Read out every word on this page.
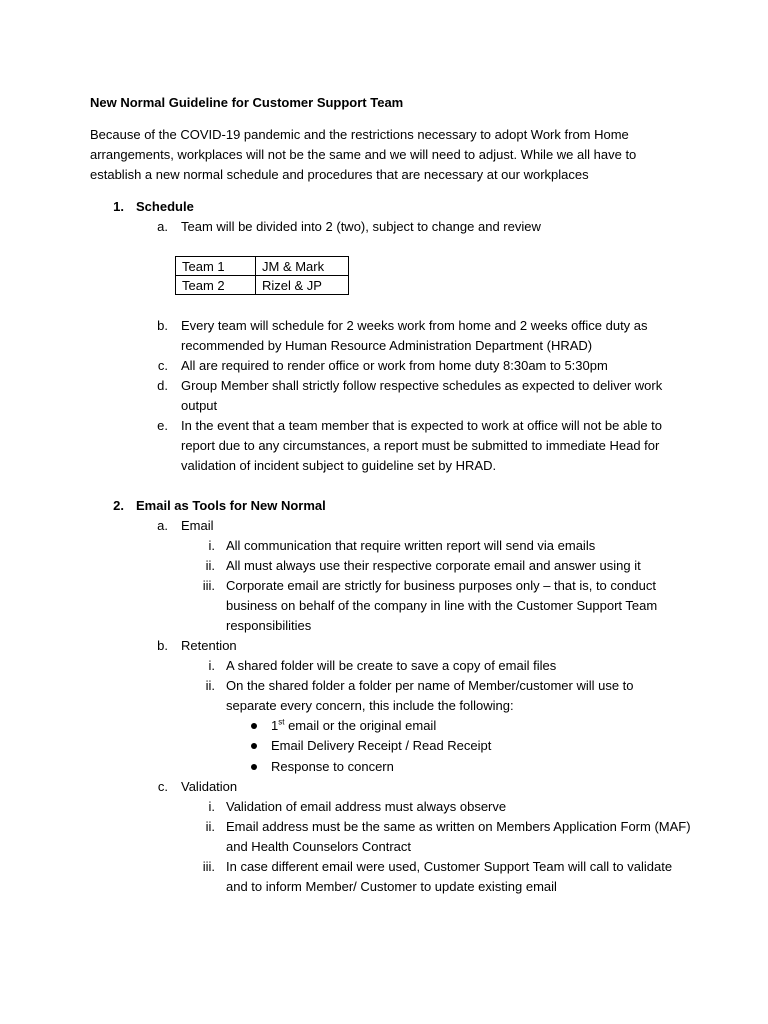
New Normal Guideline for Customer Support Team
Because of the COVID-19 pandemic and the restrictions necessary to adopt Work from Home
arrangements, workplaces will not be the same and we will need to adjust. While we all have to
establish a new normal schedule and procedures that are necessary at our workplaces
1. Schedule
a. Team will be divided into 2 (two), subject to change and review
Team 1	JM & Mark
Team 2	Rizel & JP
b. Every team will schedule for 2 weeks work from home and 2 weeks office duty as
recommended by Human Resource Administration Department (HRAD)
c. All are required to render office or work from home duty 8:30am to 5:30pm
d. Group Member shall strictly follow respective schedules as expected to deliver work
output
e. In the event that a team member that is expected to work at office will not be able to
report due to any circumstances, a report must be submitted to immediate Head for
validation of incident subject to guideline set by HRAD.
2. Email as Tools for New Normal
a. Email
i. All communication that require written report will send via emails
ii. All must always use their respective corporate email and answer using it
iii. Corporate email are strictly for business purposes only – that is, to conduct
business on behalf of the company in line with the Customer Support Team
responsibilities
b. Retention
i. A shared folder will be create to save a copy of email files
ii. On the shared folder a folder per name of Member/customer will use to
separate every concern, this include the following:
1st email or the original email
Email Delivery Receipt / Read Receipt
Response to concern
c. Validation
i. Validation of email address must always observe
ii. Email address must be the same as written on Members Application Form (MAF)
and Health Counselors Contract
iii. In case different email were used, Customer Support Team will call to validate
and to inform Member/ Customer to update existing email
